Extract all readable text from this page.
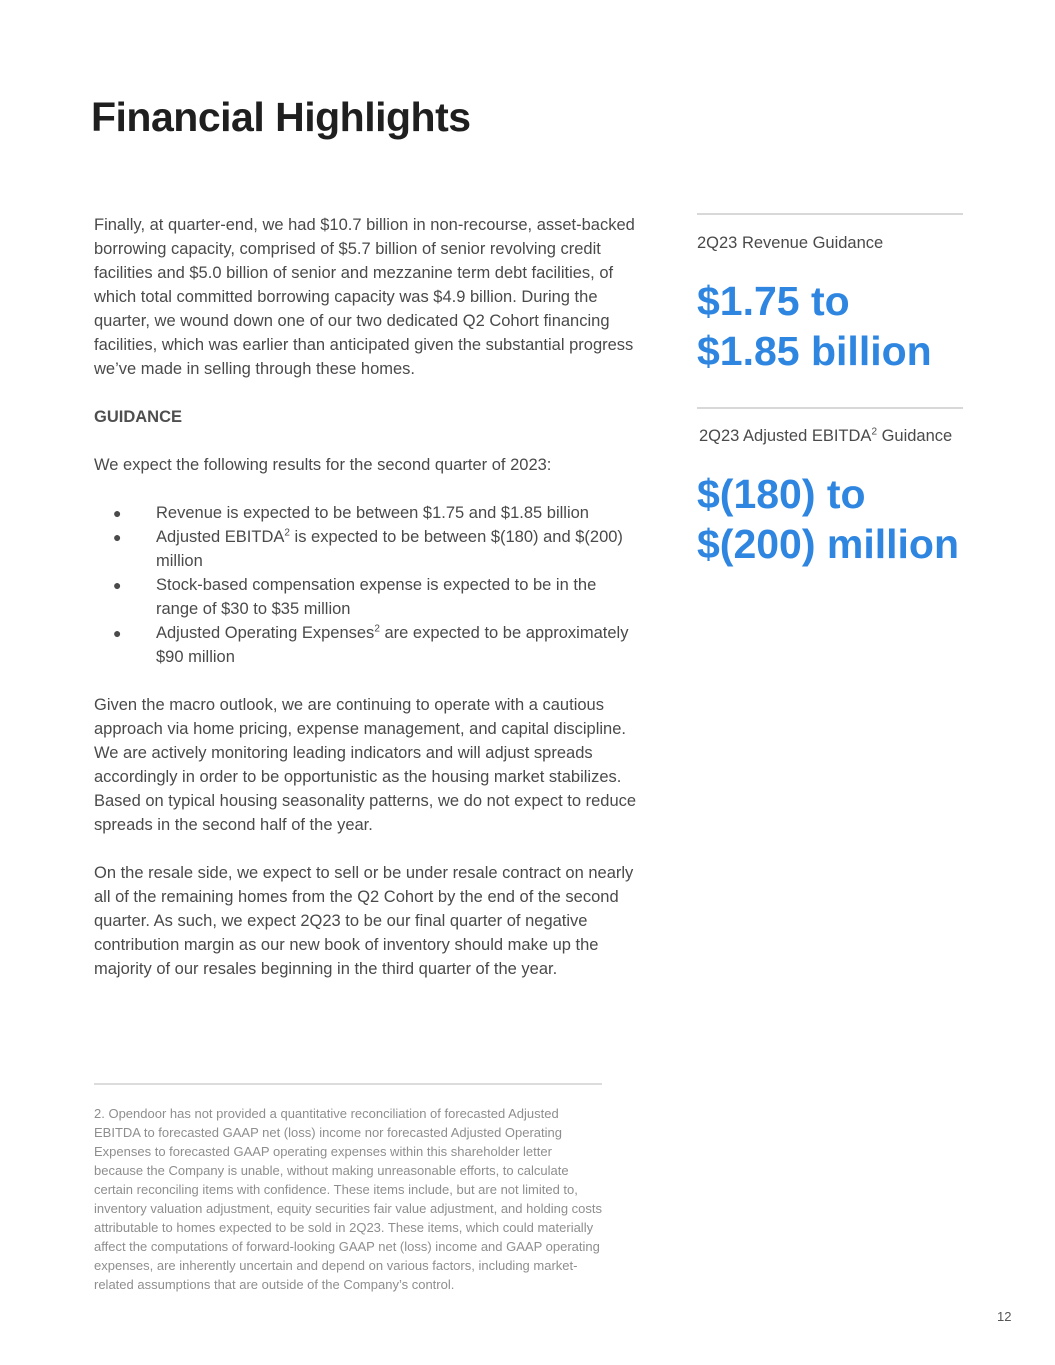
Financial Highlights

Finally, at quarter-end, we had $10.7 billion in non-recourse, asset-backed borrowing capacity, comprised of $5.7 billion of senior revolving credit facilities and $5.0 billion of senior and mezzanine term debt facilities, of which total committed borrowing capacity was $4.9 billion. During the quarter, we wound down one of our two dedicated Q2 Cohort financing facilities, which was earlier than anticipated given the substantial progress we’ve made in selling through these homes.

GUIDANCE

We expect the following results for the second quarter of 2023:

● Revenue is expected to be between $1.75 and $1.85 billion
● Adjusted EBITDA$^2$ is expected to be between $(180) and $(200) million
● Stock-based compensation expense is expected to be in the range of $30 to $35 million
● Adjusted Operating Expenses$^2$ are expected to be approximately $90 million

Given the macro outlook, we are continuing to operate with a cautious approach via home pricing, expense management, and capital discipline. We are actively monitoring leading indicators and will adjust spreads accordingly in order to be opportunistic as the housing market stabilizes. Based on typical housing seasonality patterns, we do not expect to reduce spreads in the second half of the year.

On the resale side, we expect to sell or be under resale contract on nearly all of the remaining homes from the Q2 Cohort by the end of the second quarter. As such, we expect 2Q23 to be our final quarter of negative contribution margin as our new book of inventory should make up the majority of our resales beginning in the third quarter of the year.

2Q23 Revenue Guidance
$1.75 to
$1.85 billion
2Q23 Adjusted EBITDA$^2$ Guidance
$(180) to
$(200) million

2. Opendoor has not provided a quantitative reconciliation of forecasted Adjusted EBITDA to forecasted GAAP net (loss) income nor forecasted Adjusted Operating Expenses to forecasted GAAP operating expenses within this shareholder letter because the Company is unable, without making unreasonable efforts, to calculate certain reconciling items with confidence. These items include, but are not limited to, inventory valuation adjustment, equity securities fair value adjustment, and holding costs attributable to homes expected to be sold in 2Q23. These items, which could materially affect the computations of forward-looking GAAP net (loss) income and GAAP operating expenses, are inherently uncertain and depend on various factors, including market-related assumptions that are outside of the Company’s control.

12
